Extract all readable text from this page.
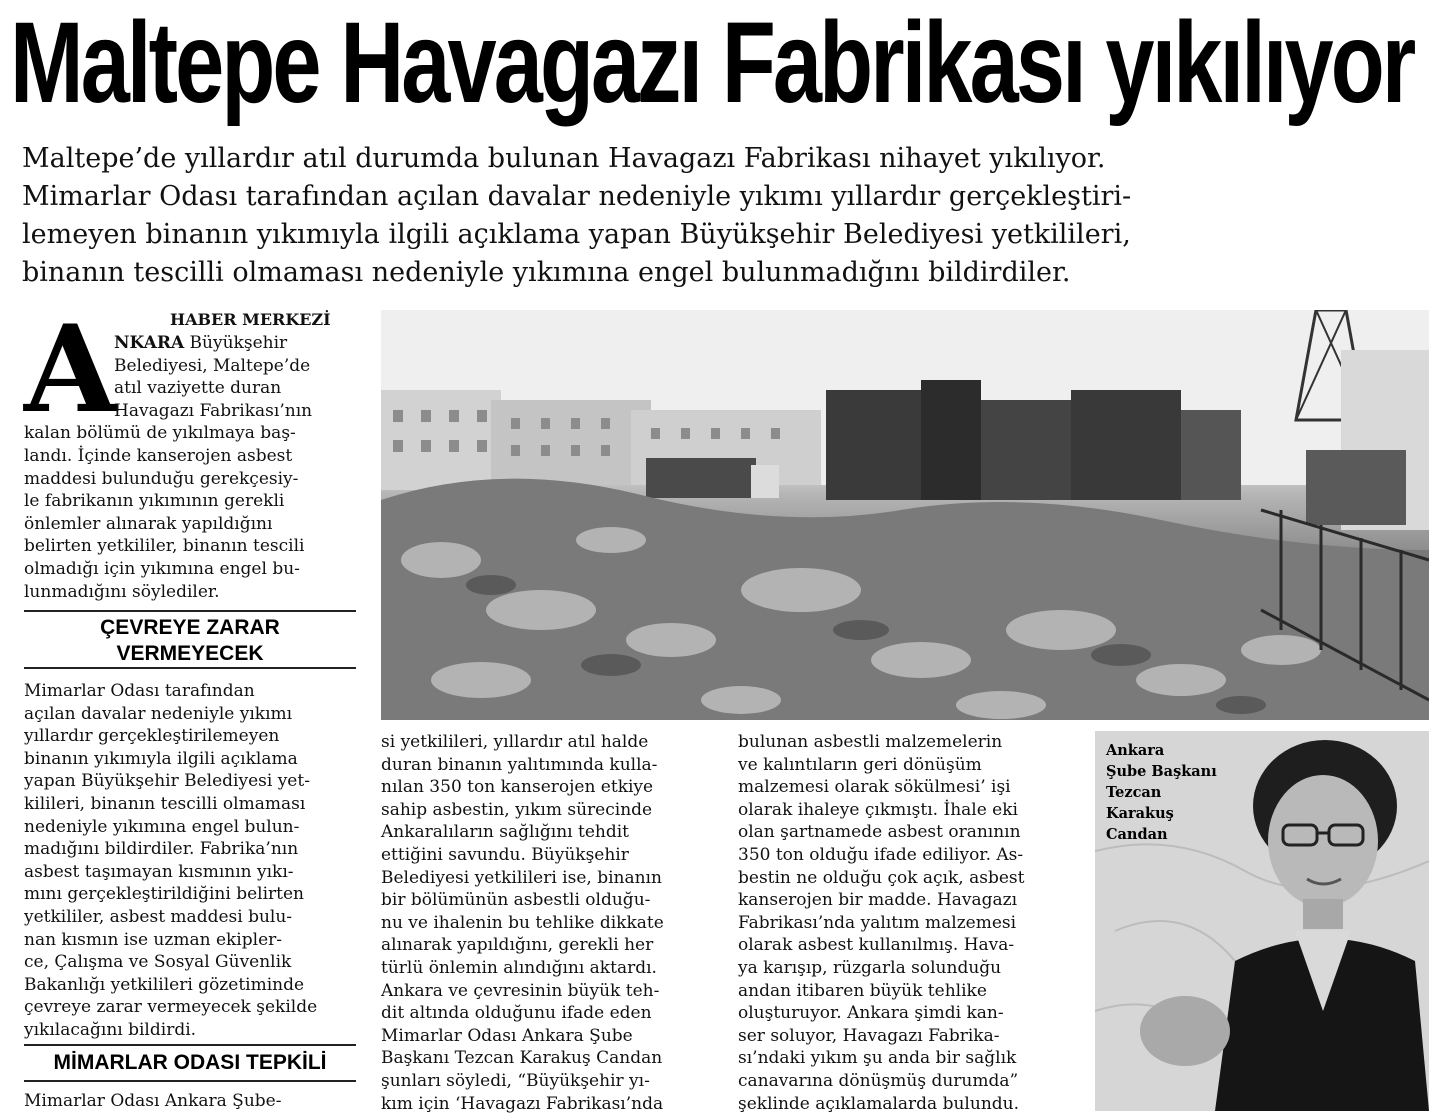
Maltepe Havagazı Fabrikası yıkılıyor

Maltepe’de yıllardır atıl durumda bulunan Havagazı Fabrikası nihayet yıkılıyor.

Mimarlar Odası tarafından açılan davalar nedeniyle yıkımı yıllardır gerçekleştiri-

lemeyen binanın yıkımıyla ilgili açıklama yapan Büyükşehir Belediyesi yetkilileri,

binanın tescilli olmaması nedeniyle yıkımına engel bulunmadığını bildirdiler.

HABER MERKEZİ
A

NKARA Büyükşehir

Belediyesi, Maltepe’de

atıl vaziyette duran

Havagazı Fabrikası’nın

kalan bölümü de yıkılmaya baş-

landı. İçinde kanserojen asbest

maddesi bulunduğu gerekçesiy-

le fabrikanın yıkımının gerekli

önlemler alınarak yapıldığını

belirten yetkililer, binanın tescili

olmadığı için yıkımına engel bu-

lunmadığını söylediler.

ÇEVREYE ZARAR
VERMEYECEK

Mimarlar Odası tarafından

açılan davalar nedeniyle yıkımı

yıllardır gerçekleştirilemeyen

binanın yıkımıyla ilgili açıklama

yapan Büyükşehir Belediyesi yet-

kilileri, binanın tescilli olmaması

nedeniyle yıkımına engel bulun-

madığını bildirdiler. Fabrika’nın

asbest taşımayan kısmının yıkı-

mını gerçekleştirildiğini belirten

yetkililer, asbest maddesi bulu-

nan kısmın ise uzman ekipler-

ce, Çalışma ve Sosyal Güvenlik

Bakanlığı yetkilileri gözetiminde

çevreye zarar vermeyecek şekilde

yıkılacağını bildirdi.

MİMARLAR ODASI TEPKİLİ

Mimarlar Odası Ankara Şube-

si yetkilileri, yıllardır atıl halde

duran binanın yalıtımında kulla-

nılan 350 ton kanserojen etkiye

sahip asbestin, yıkım sürecinde

Ankaralıların sağlığını tehdit

ettiğini savundu. Büyükşehir

Belediyesi yetkilileri ise, binanın

bir bölümünün asbestli olduğu-

nu ve ihalenin bu tehlike dikkate

alınarak yapıldığını, gerekli her

türlü önlemin alındığını aktardı.

Ankara ve çevresinin büyük teh-

dit altında olduğunu ifade eden

Mimarlar Odası Ankara Şube

Başkanı Tezcan Karakuş Candan

şunları söyledi, “Büyükşehir yı-

kım için ‘Havagazı Fabrikası’nda

bulunan asbestli malzemelerin

ve kalıntıların geri dönüşüm

malzemesi olarak sökülmesi’ işi

olarak ihaleye çıkmıştı. İhale eki

olan şartnamede asbest oranının

350 ton olduğu ifade ediliyor. As-

bestin ne olduğu çok açık, asbest

kanserojen bir madde. Havagazı

Fabrikası’nda yalıtım malzemesi

olarak asbest kullanılmış. Hava-

ya karışıp, rüzgarla solunduğu

andan itibaren büyük tehlike

oluşturuyor. Ankara şimdi kan-

ser soluyor, Havagazı Fabrika-

sı’ndaki yıkım şu anda bir sağlık

canavarına dönüşmüş durumda”

şeklinde açıklamalarda bulundu.

Ankara

Şube Başkanı

Tezcan

Karakuş

Candan
